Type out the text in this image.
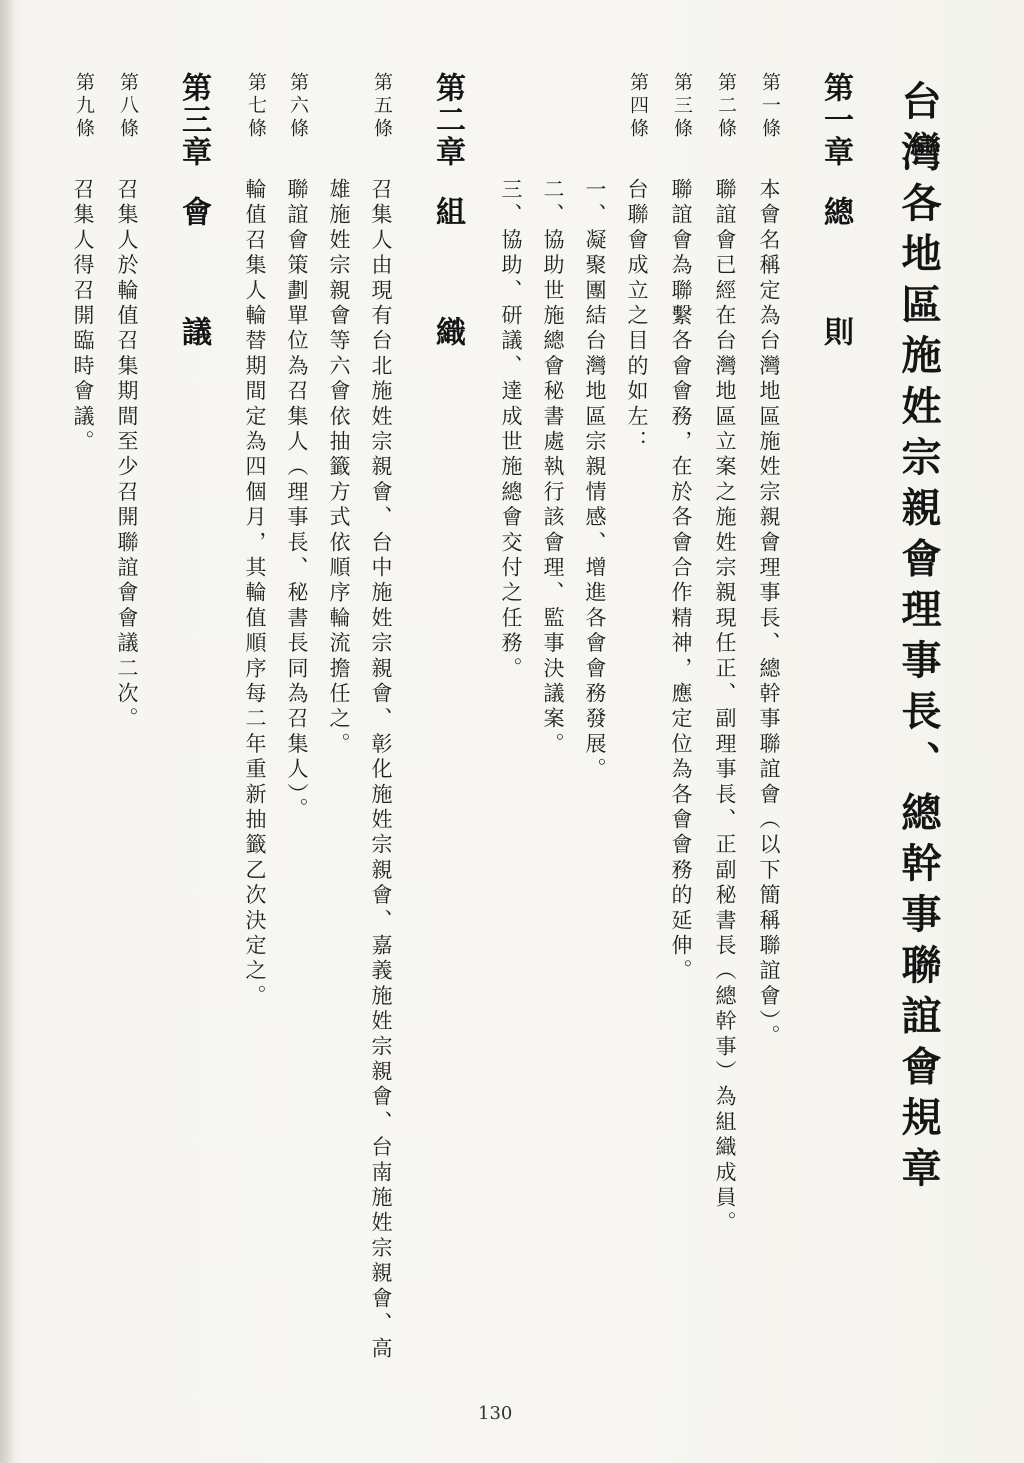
台灣各地區施姓宗親會理事長、總幹事聯誼會規章
第一章
總　則
第一條
本會名稱定為台灣地區施姓宗親會理事長、總幹事聯誼會（以下簡稱聯誼會）。
第二條
聯誼會已經在台灣地區立案之施姓宗親現任正、副理事長、正副秘書長（總幹事）為組織成員。
第三條
聯誼會為聯繫各會會務，在於各會合作精神，應定位為各會會務的延伸。
第四條
台聯會成立之目的如左：
一、凝聚團結台灣地區宗親情感、增進各會會務發展。
二、協助世施總會秘書處執行該會理、監事決議案。
三、協助、研議、達成世施總會交付之任務。
第二章
組　織
第五條
召集人由現有台北施姓宗親會、台中施姓宗親會、彰化施姓宗親會、嘉義施姓宗親會、台南施姓宗親會、高
雄施姓宗親會等六會依抽籤方式依順序輪流擔任之。
第六條
聯誼會策劃單位為召集人（理事長、秘書長同為召集人）。
第七條
輪值召集人輪替期間定為四個月，其輪值順序每二年重新抽籤乙次決定之。
第三章
會　議
第八條
召集人於輪值召集期間至少召開聯誼會會議二次。
第九條
召集人得召開臨時會議。
130
